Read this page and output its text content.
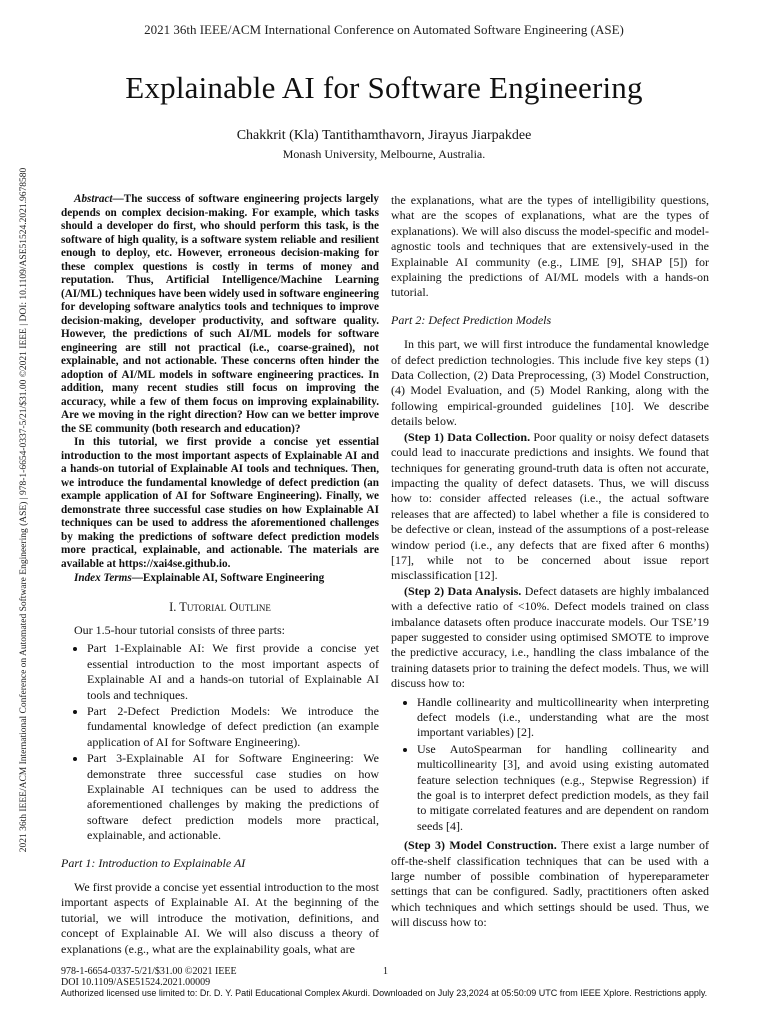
2021 36th IEEE/ACM International Conference on Automated Software Engineering (ASE)
Explainable AI for Software Engineering
Chakkrit (Kla) Tantithamthavorn, Jirayus Jiarpakdee
Monash University, Melbourne, Australia.
2021 36th IEEE/ACM International Conference on Automated Software Engineering (ASE) | 978-1-6654-0337-5/21/$31.00 ©2021 IEEE | DOI: 10.1109/ASE51524.2021.9678580	Abstract—The success of software engineering projects largely depends on complex decision-making. For example, which tasks should a developer do first, who should perform this task, is the software of high quality, is a software system reliable and resilient enough to deploy, etc. However, erroneous decision-making for these complex questions is costly in terms of money and reputation. Thus, Artificial Intelligence/Machine Learning (AI/ML) techniques have been widely used in software engineering for developing software analytics tools and techniques to improve decision-making, developer productivity, and software quality. However, the predictions of such AI/ML models for software engineering are still not practical (i.e., coarse-grained), not explainable, and not actionable. These concerns often hinder the adoption of AI/ML models in software engineering practices. In addition, many recent studies still focus on improving the accuracy, while a few of them focus on improving explainability. Are we moving in the right direction? How can we better improve the SE community (both research and education)?

In this tutorial, we first provide a concise yet essential introduction to the most important aspects of Explainable AI and a hands-on tutorial of Explainable AI tools and techniques. Then, we introduce the fundamental knowledge of defect prediction (an example application of AI for Software Engineering). Finally, we demonstrate three successful case studies on how Explainable AI techniques can be used to address the aforementioned challenges by making the predictions of software defect prediction models more practical, explainable, and actionable. The materials are available at https://xai4se.github.io.

Index Terms—Explainable AI, Software Engineering

I. Tutorial Outline

Our 1.5-hour tutorial consists of three parts:

• Part 1-Explainable AI: We first provide a concise yet essential introduction to the most important aspects of Explainable AI and a hands-on tutorial of Explainable AI tools and techniques.
• Part 2-Defect Prediction Models: We introduce the fundamental knowledge of defect prediction (an example application of AI for Software Engineering).
• Part 3-Explainable AI for Software Engineering: We demonstrate three successful case studies on how Explainable AI techniques can be used to address the aforementioned challenges by making the predictions of software defect prediction models more practical, explainable, and actionable.

Part 1: Introduction to Explainable AI

We first provide a concise yet essential introduction to the most important aspects of Explainable AI. At the beginning of the tutorial, we will introduce the motivation, definitions, and concept of Explainable AI. We will also discuss a theory of explanations (e.g., what are the explainability goals, what are

the explanations, what are the types of intelligibility questions, what are the scopes of explanations, what are the types of explanations). We will also discuss the model-specific and model-agnostic tools and techniques that are extensively-used in the Explainable AI community (e.g., LIME [9], SHAP [5]) for explaining the predictions of AI/ML models with a hands-on tutorial.

Part 2: Defect Prediction Models

In this part, we will first introduce the fundamental knowledge of defect prediction technologies. This include five key steps (1) Data Collection, (2) Data Preprocessing, (3) Model Construction, (4) Model Evaluation, and (5) Model Ranking, along with the following empirical-grounded guidelines [10]. We describe details below.

(Step 1) Data Collection. Poor quality or noisy defect datasets could lead to inaccurate predictions and insights. We found that techniques for generating ground-truth data is often not accurate, impacting the quality of defect datasets. Thus, we will discuss how to: consider affected releases (i.e., the actual software releases that are affected) to label whether a file is considered to be defective or clean, instead of the assumptions of a post-release window period (i.e., any defects that are fixed after 6 months) [17], while not to be concerned about issue report misclassification [12].

(Step 2) Data Analysis. Defect datasets are highly imbalanced with a defective ratio of <10%. Defect models trained on class imbalance datasets often produce inaccurate models. Our TSE’19 paper suggested to consider using optimised SMOTE to improve the predictive accuracy, i.e., handling the class imbalance of the training datasets prior to training the defect models. Thus, we will discuss how to:

• Handle collinearity and multicollinearity when interpreting defect models (i.e., understanding what are the most important variables) [2].
• Use AutoSpearman for handling collinearity and multicollinearity [3], and avoid using existing automated feature selection techniques (e.g., Stepwise Regression) if the goal is to interpret defect prediction models, as they fail to mitigate correlated features and are dependent on random seeds [4].

(Step 3) Model Construction. There exist a large number of off-the-shelf classification techniques that can be used with a large number of possible combination of hypereparameter settings that can be configured. Sadly, practitioners often asked which techniques and which settings should be used. Thus, we will discuss how to:

978-1-6654-0337-5/21/$31.00 ©2021 IEEE
DOI 10.1109/ASE51524.2021.00009
1
Authorized licensed use limited to: Dr. D. Y. Patil Educational Complex Akurdi. Downloaded on July 23,2024 at 05:50:09 UTC from IEEE Xplore. Restrictions apply.
